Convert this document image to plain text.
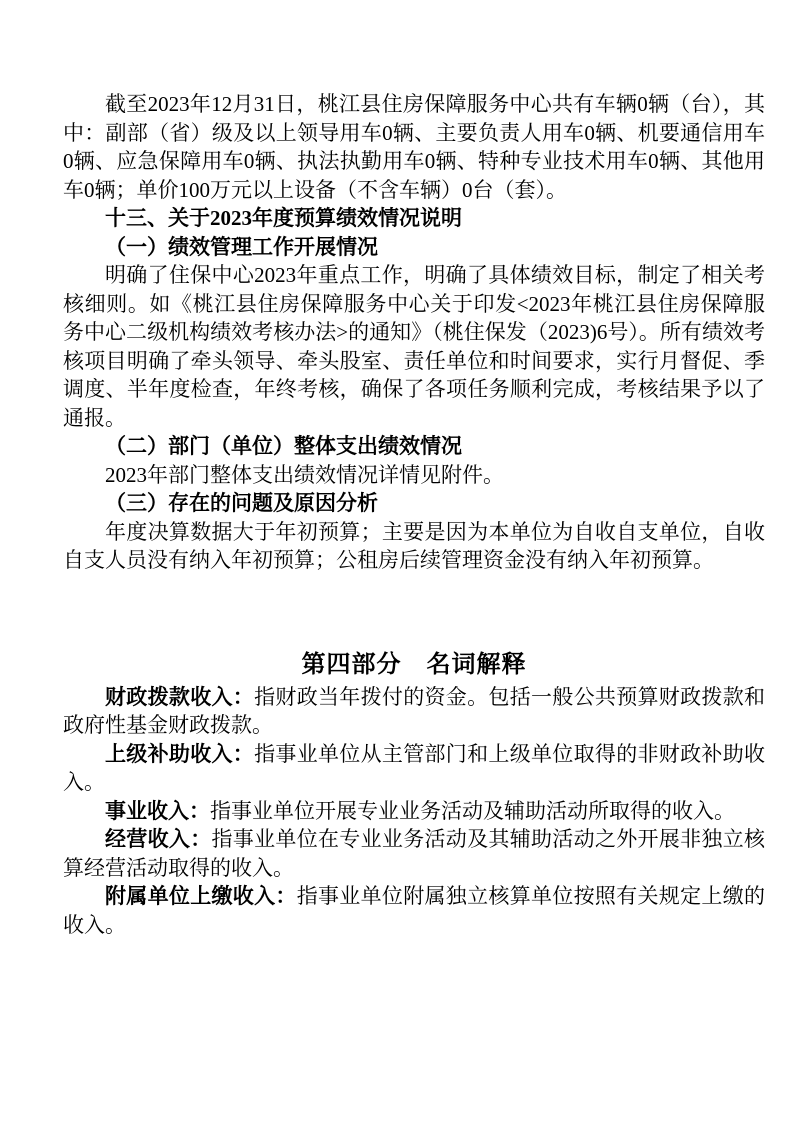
截至2023年12月31日，桃江县住房保障服务中心共有车辆0辆（台），其中：副部（省）级及以上领导用车0辆、主要负责人用车0辆、机要通信用车0辆、应急保障用车0辆、执法执勤用车0辆、特种专业技术用车0辆、其他用车0辆；单价100万元以上设备（不含车辆）0台（套）。

十三、关于2023年度预算绩效情况说明

（一）绩效管理工作开展情况

明确了住保中心2023年重点工作，明确了具体绩效目标，制定了相关考核细则。如《桃江县住房保障服务中心关于印发<2023年桃江县住房保障服务中心二级机构绩效考核办法>的通知》（桃住保发（2023)6号）。所有绩效考核项目明确了牵头领导、牵头股室、责任单位和时间要求，实行月督促、季调度、半年度检查，年终考核，确保了各项任务顺利完成，考核结果予以了通报。

（二）部门（单位）整体支出绩效情况

2023年部门整体支出绩效情况详情见附件。

（三）存在的问题及原因分析

年度决算数据大于年初预算；主要是因为本单位为自收自支单位，自收自支人员没有纳入年初预算；公租房后续管理资金没有纳入年初预算。

第四部分　名词解释

财政拨款收入：指财政当年拨付的资金。包括一般公共预算财政拨款和政府性基金财政拨款。

上级补助收入：指事业单位从主管部门和上级单位取得的非财政补助收入。

事业收入：指事业单位开展专业业务活动及辅助活动所取得的收入。

经营收入：指事业单位在专业业务活动及其辅助活动之外开展非独立核算经营活动取得的收入。

附属单位上缴收入：指事业单位附属独立核算单位按照有关规定上缴的收入。
